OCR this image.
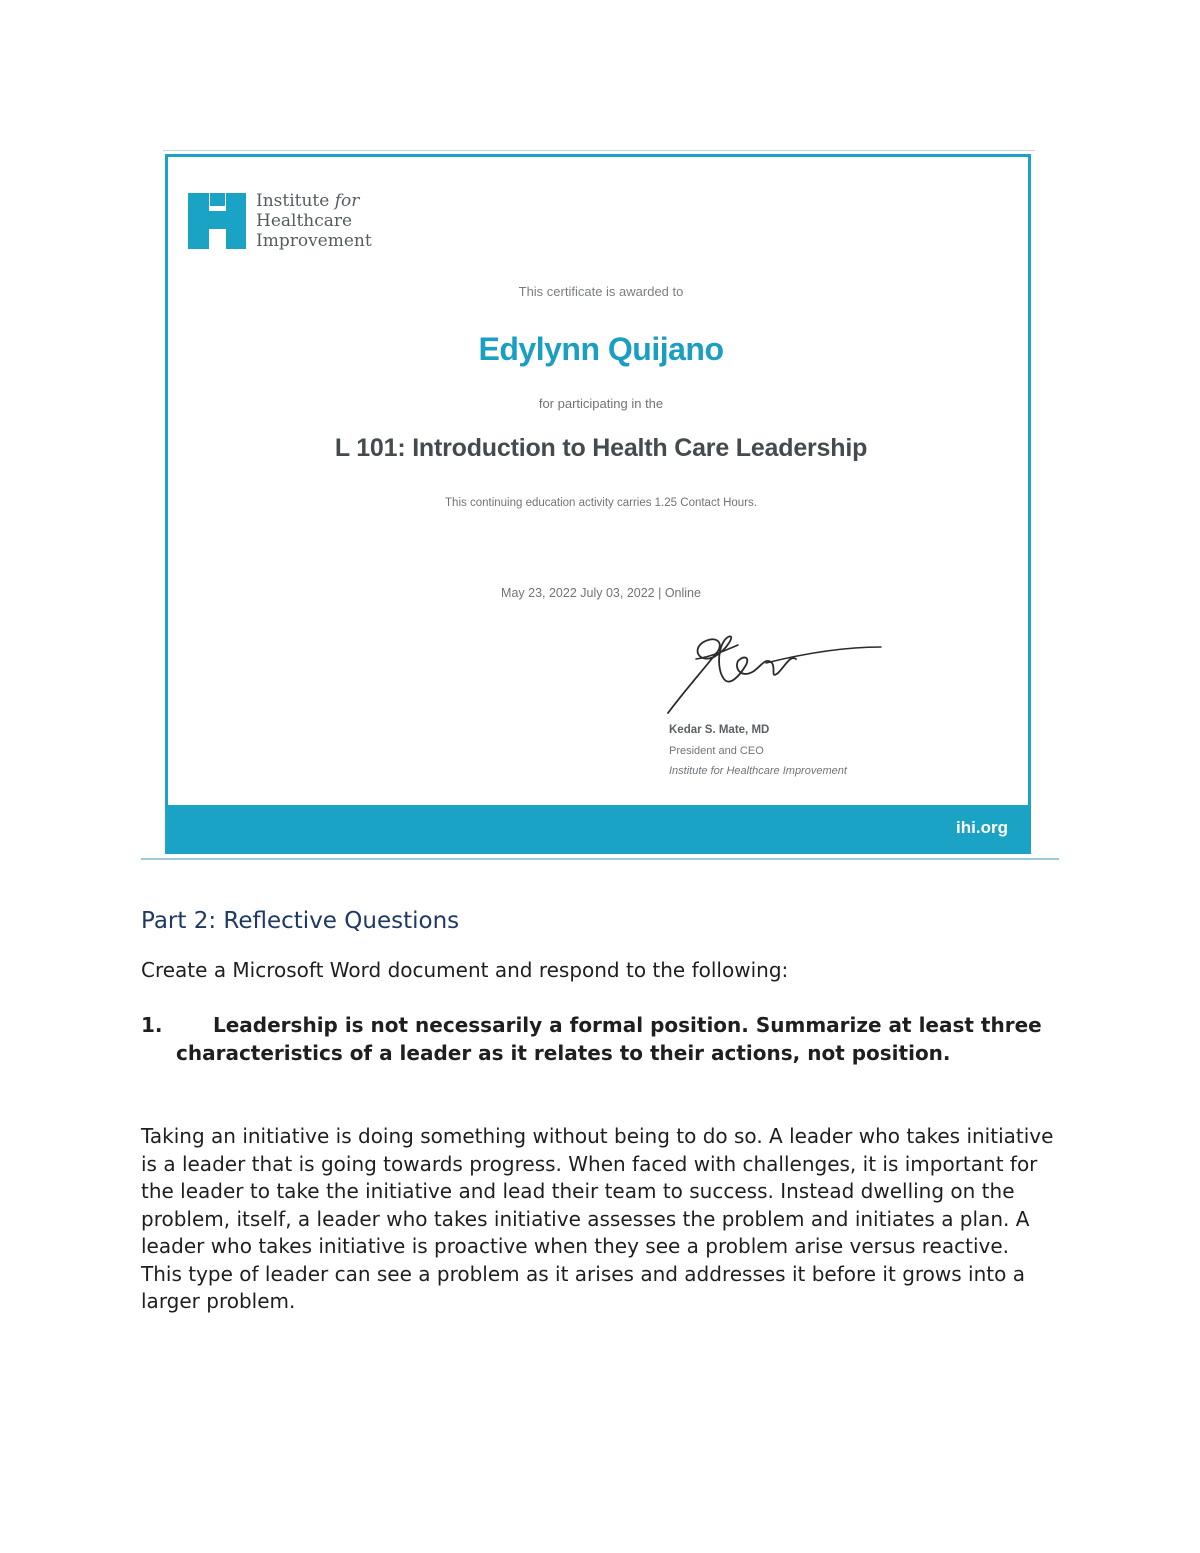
Institute for
Healthcare
Improvement
This certificate is awarded to
Edylynn Quijano
for participating in the
L 101: Introduction to Health Care Leadership
This continuing education activity carries 1.25 Contact Hours.
May 23, 2022 July 03, 2022 | Online
Kedar S. Mate, MD
President and CEO
Institute for Healthcare Improvement
ihi.org
Part 2: Reflective Questions
Create a Microsoft Word document and respond to the following:
1.	Leadership is not necessarily a formal position. Summarize at least three characteristics of a leader as it relates to their actions, not position.
Taking an initiative is doing something without being to do so. A leader who takes initiative is a leader that is going towards progress. When faced with challenges, it is important for the leader to take the initiative and lead their team to success. Instead dwelling on the problem, itself, a leader who takes initiative assesses the problem and initiates a plan. A leader who takes initiative is proactive when they see a problem arise versus reactive. This type of leader can see a problem as it arises and addresses it before it grows into a larger problem.
